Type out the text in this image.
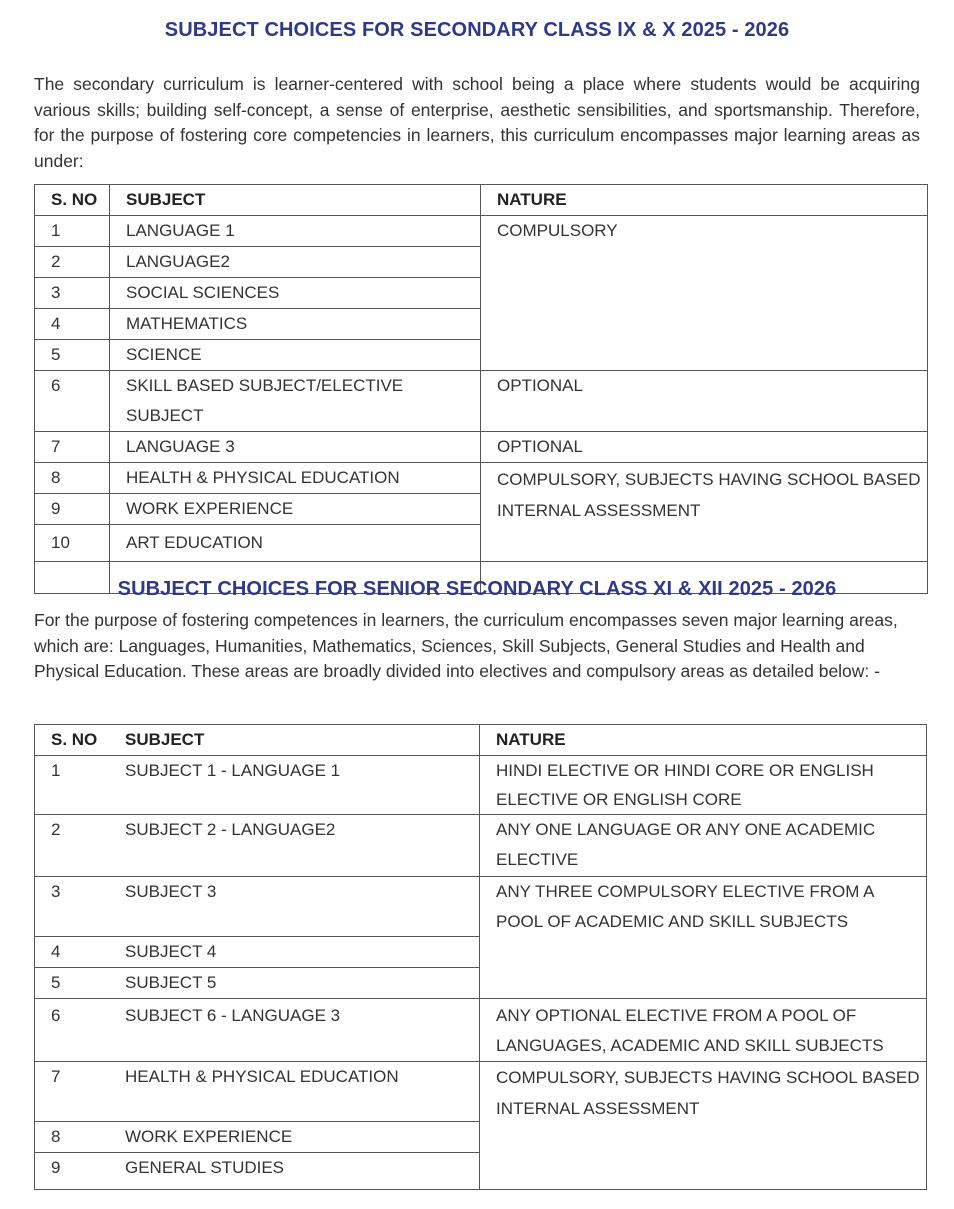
SUBJECT CHOICES FOR SECONDARY CLASS IX & X 2025 - 2026

The secondary curriculum is learner-centered with school being a place where students would be acquiring various skills; building self-concept, a sense of enterprise, aesthetic sensibilities, and sportsmanship. Therefore, for the purpose of fostering core competencies in learners, this curriculum encompasses major learning areas as under:

S. NO	SUBJECT	NATURE
1	LANGUAGE 1	COMPULSORY
2	LANGUAGE2	
3	SOCIAL SCIENCES	
4	MATHEMATICS	
5	SCIENCE	
6	SKILL BASED SUBJECT/ELECTIVE SUBJECT	OPTIONAL
7	LANGUAGE 3	OPTIONAL
8	HEALTH & PHYSICAL EDUCATION	COMPULSORY, SUBJECTS HAVING SCHOOL BASED INTERNAL ASSESSMENT
9	WORK EXPERIENCE	
10	ART EDUCATION	

SUBJECT CHOICES FOR SENIOR SECONDARY CLASS XI & XII 2025 - 2026

For the purpose of fostering competences in learners, the curriculum encompasses seven major learning areas, which are: Languages, Humanities, Mathematics, Sciences, Skill Subjects, General Studies and Health and Physical Education. These areas are broadly divided into electives and compulsory areas as detailed below: -

S. NO	SUBJECT	NATURE
1	SUBJECT 1 - LANGUAGE 1	HINDI ELECTIVE OR HINDI CORE OR ENGLISH ELECTIVE OR ENGLISH CORE
2	SUBJECT 2 - LANGUAGE2	ANY ONE LANGUAGE OR ANY ONE ACADEMIC ELECTIVE
3	SUBJECT 3	ANY THREE COMPULSORY ELECTIVE FROM A POOL OF ACADEMIC AND SKILL SUBJECTS
4	SUBJECT 4	
5	SUBJECT 5	
6	SUBJECT 6 - LANGUAGE 3	ANY OPTIONAL ELECTIVE FROM A POOL OF LANGUAGES, ACADEMIC AND SKILL SUBJECTS
7	HEALTH & PHYSICAL EDUCATION	COMPULSORY, SUBJECTS HAVING SCHOOL BASED INTERNAL ASSESSMENT
8	WORK EXPERIENCE	
9	GENERAL STUDIES	
